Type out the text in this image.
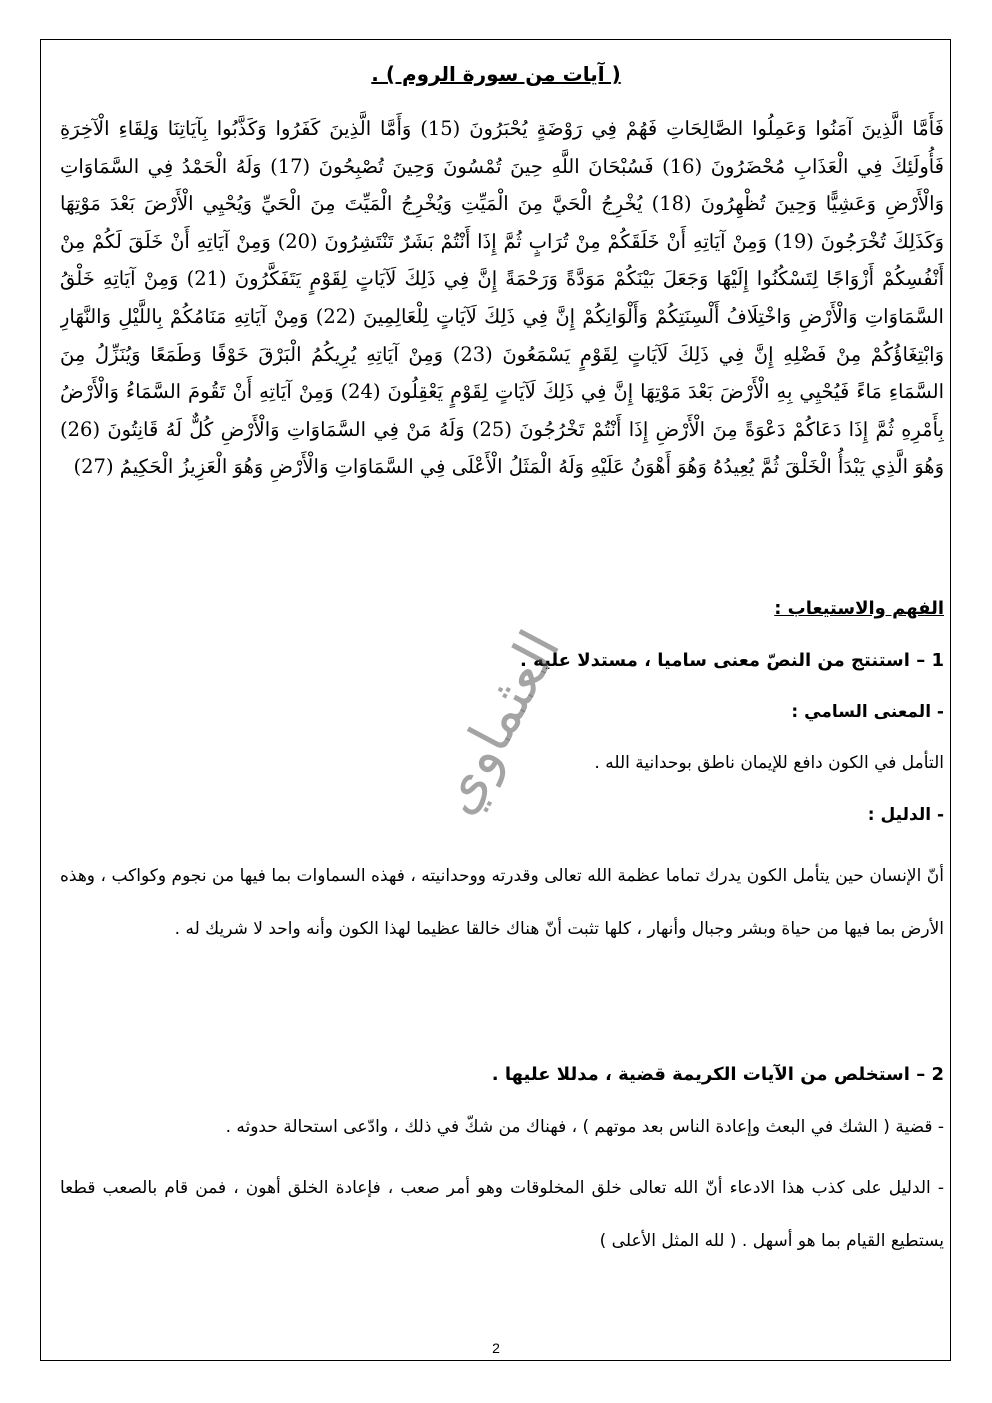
( آيات من سورة الروم ) .
فَأَمَّا الَّذِينَ آمَنُوا وَعَمِلُوا الصَّالِحَاتِ فَهُمْ فِي رَوْضَةٍ يُحْبَرُونَ (15) وَأَمَّا الَّذِينَ كَفَرُوا وَكَذَّبُوا بِآيَاتِنَا وَلِقَاءِ الْآخِرَةِ فَأُولَئِكَ فِي الْعَذَابِ مُحْضَرُونَ (16) فَسُبْحَانَ اللَّهِ حِينَ تُمْسُونَ وَحِينَ تُصْبِحُونَ (17) وَلَهُ الْحَمْدُ فِي السَّمَاوَاتِ وَالْأَرْضِ وَعَشِيًّا وَحِينَ تُظْهِرُونَ (18) يُخْرِجُ الْحَيَّ مِنَ الْمَيِّتِ وَيُخْرِجُ الْمَيِّتَ مِنَ الْحَيِّ وَيُحْيِي الْأَرْضَ بَعْدَ مَوْتِهَا وَكَذَلِكَ تُخْرَجُونَ (19) وَمِنْ آيَاتِهِ أَنْ خَلَقَكُمْ مِنْ تُرَابٍ ثُمَّ إِذَا أَنْتُمْ بَشَرٌ تَنْتَشِرُونَ (20) وَمِنْ آيَاتِهِ أَنْ خَلَقَ لَكُمْ مِنْ أَنْفُسِكُمْ أَزْوَاجًا لِتَسْكُنُوا إِلَيْهَا وَجَعَلَ بَيْنَكُمْ مَوَدَّةً وَرَحْمَةً إِنَّ فِي ذَلِكَ لَآيَاتٍ لِقَوْمٍ يَتَفَكَّرُونَ (21) وَمِنْ آيَاتِهِ خَلْقُ السَّمَاوَاتِ وَالْأَرْضِ وَاخْتِلَافُ أَلْسِنَتِكُمْ وَأَلْوَانِكُمْ إِنَّ فِي ذَلِكَ لَآيَاتٍ لِلْعَالِمِينَ (22) وَمِنْ آيَاتِهِ مَنَامُكُمْ بِاللَّيْلِ وَالنَّهَارِ وَابْتِغَاؤُكُمْ مِنْ فَضْلِهِ إِنَّ فِي ذَلِكَ لَآيَاتٍ لِقَوْمٍ يَسْمَعُونَ (23) وَمِنْ آيَاتِهِ يُرِيكُمُ الْبَرْقَ خَوْفًا وَطَمَعًا وَيُنَزِّلُ مِنَ السَّمَاءِ مَاءً فَيُحْيِي بِهِ الْأَرْضَ بَعْدَ مَوْتِهَا إِنَّ فِي ذَلِكَ لَآيَاتٍ لِقَوْمٍ يَعْقِلُونَ (24) وَمِنْ آيَاتِهِ أَنْ تَقُومَ السَّمَاءُ وَالْأَرْضُ بِأَمْرِهِ ثُمَّ إِذَا دَعَاكُمْ دَعْوَةً مِنَ الْأَرْضِ إِذَا أَنْتُمْ تَخْرُجُونَ (25) وَلَهُ مَنْ فِي السَّمَاوَاتِ وَالْأَرْضِ كُلٌّ لَهُ قَانِتُونَ (26) وَهُوَ الَّذِي يَبْدَأُ الْخَلْقَ ثُمَّ يُعِيدُهُ وَهُوَ أَهْوَنُ عَلَيْهِ وَلَهُ الْمَثَلُ الْأَعْلَى فِي السَّمَاوَاتِ وَالْأَرْضِ وَهُوَ الْعَزِيزُ الْحَكِيمُ (27)
الفهم والاستيعاب :
1 – استنتج من النصّ معنى ساميا ، مستدلا عليه .
- المعنى السامي :
التأمل في الكون دافع للإيمان ناطق بوحدانية الله .
- الدليل :
أنّ الإنسان حين يتأمل الكون يدرك تماما عظمة الله تعالى وقدرته ووحدانيته ، فهذه السماوات بما فيها من نجوم وكواكب ، وهذه الأرض بما فيها من حياة وبشر وجبال وأنهار ، كلها تثبت أنّ هناك خالقا عظيما لهذا الكون وأنه واحد لا شريك له .
2 – استخلص من الآيات الكريمة قضية ، مدللا عليها .
- قضية ( الشك في البعث وإعادة الناس بعد موتهم ) ، فهناك من شكّ في ذلك ، وادّعى استحالة حدوثه .
- الدليل على كذب هذا الادعاء أنّ الله تعالى خلق المخلوقات وهو أمر صعب ، فإعادة الخلق أهون ، فمن قام بالصعب قطعا يستطيع القيام بما هو أسهل . ( لله المثل الأعلى )
العثماوي
2
